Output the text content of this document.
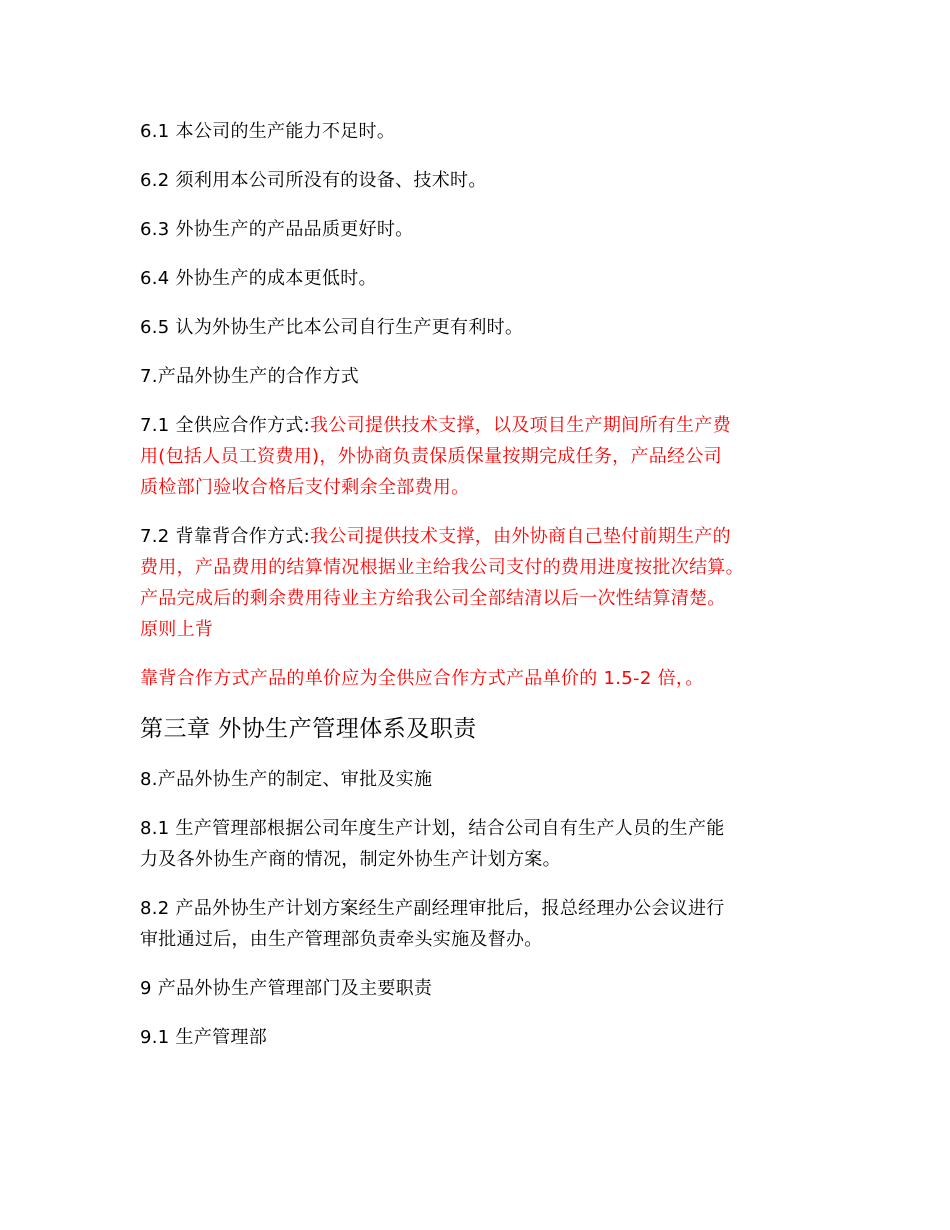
6.1 本公司的生产能力不足时。

6.2 须利用本公司所没有的设备、技术时。

6.3 外协生产的产品品质更好时。

6.4 外协生产的成本更低时。

6.5 认为外协生产比本公司自行生产更有利时。

7.产品外协生产的合作方式

7.1 全供应合作方式:我公司提供技术支撑，以及项目生产期间所有生产费

用(包括人员工资费用)，外协商负责保质保量按期完成任务，产品经公司

质检部门验收合格后支付剩余全部费用。

7.2 背靠背合作方式:我公司提供技术支撑，由外协商自己垫付前期生产的

费用，产品费用的结算情况根据业主给我公司支付的费用进度按批次结算。

产品完成后的剩余费用待业主方给我公司全部结清以后一次性结算清楚。

原则上背

靠背合作方式产品的单价应为全供应合作方式产品单价的 1.5-2 倍，。

第三章 外协生产管理体系及职责

8.产品外协生产的制定、审批及实施

8.1 生产管理部根据公司年度生产计划，结合公司自有生产人员的生产能

力及各外协生产商的情况，制定外协生产计划方案。

8.2 产品外协生产计划方案经生产副经理审批后，报总经理办公会议进行

审批通过后，由生产管理部负责牵头实施及督办。

9 产品外协生产管理部门及主要职责

9.1 生产管理部
